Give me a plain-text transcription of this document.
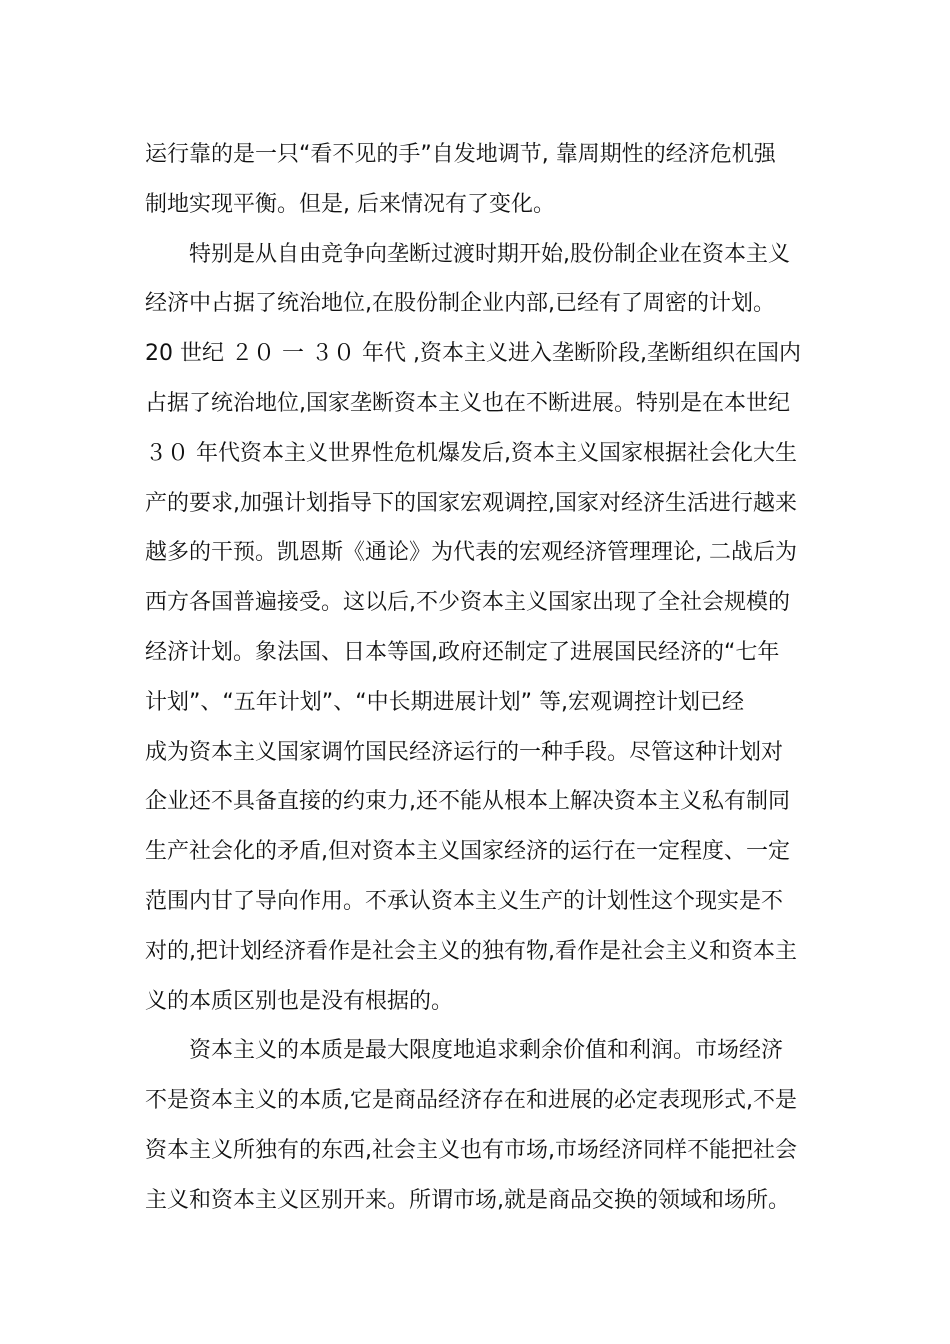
运行靠的是一只“看不见的手”自发地调节, 靠周期性的经济危机强
制地实现平衡。但是, 后来情况有了变化。
特别是从自由竞争向垄断过渡时期开始,股份制企业在资本主义
经济中占据了统治地位,在股份制企业内部,已经有了周密的计划。
20 世纪 ２０ 一 ３０ 年代 ,资本主义进入垄断阶段,垄断组织在国内
占据了统治地位,国家垄断资本主义也在不断进展。特别是在本世纪
３０ 年代资本主义世界性危机爆发后,资本主义国家根据社会化大生
产的要求,加强计划指导下的国家宏观调控,国家对经济生活进行越来
越多的干预。凯恩斯《通论》为代表的宏观经济管理理论, 二战后为
西方各国普遍接受。这以后,不少资本主义国家出现了全社会规模的
经济计划。象法国、日本等国,政府还制定了进展国民经济的“七年
计划”、“五年计划”、“中长期进展计划” 等,宏观调控计划已经
成为资本主义国家调竹国民经济运行的一种手段。尽管这种计划对
企业还不具备直接的约束力,还不能从根本上解决资本主义私有制同
生产社会化的矛盾,但对资本主义国家经济的运行在一定程度、一定
范围内甘了导向作用。不承认资本主义生产的计划性这个现实是不
对的,把计划经济看作是社会主义的独有物,看作是社会主义和资本主
义的本质区别也是没有根据的。
资本主义的本质是最大限度地追求剩余价值和利润。市场经济
不是资本主义的本质,它是商品经济存在和进展的必定表现形式,不是
资本主义所独有的东西,社会主义也有市场,市场经济同样不能把社会
主义和资本主义区别开来。所谓市场,就是商品交换的领域和场所。
